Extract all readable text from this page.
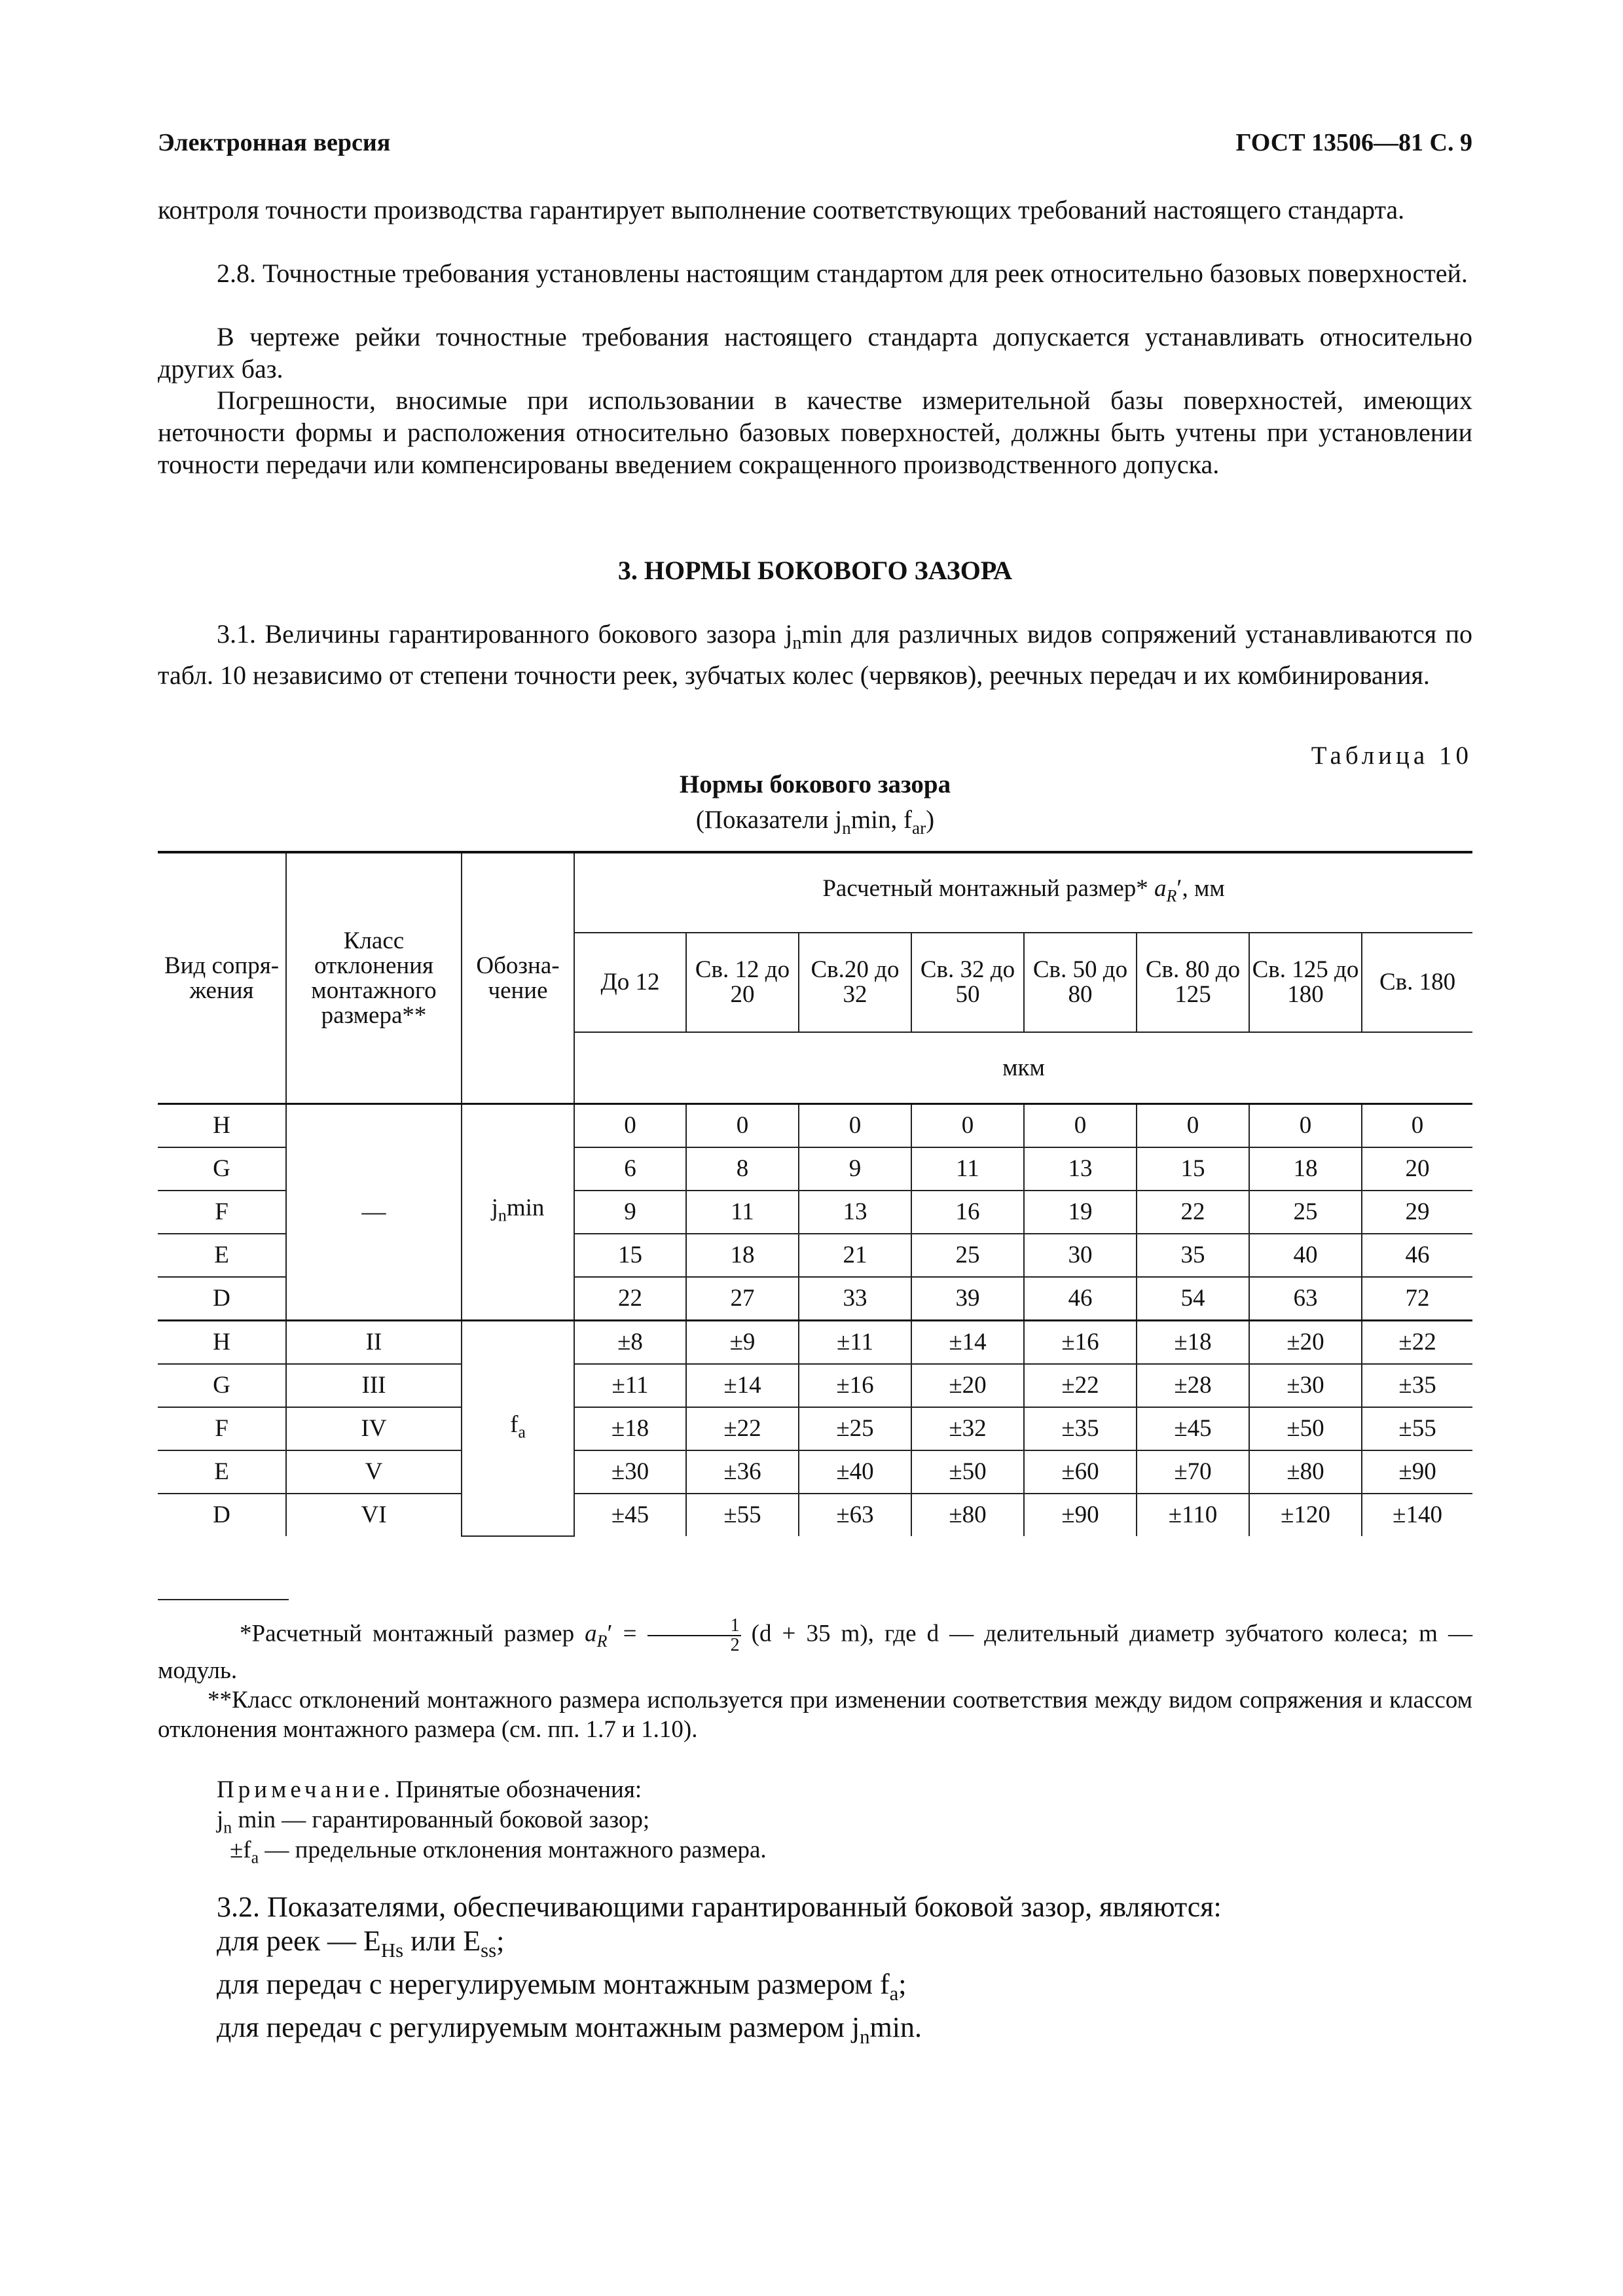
Электронная версия	ГОСТ 13506—81 С. 9

контроля точности производства гарантирует выполнение соответствующих требований настоящего стандарта.

2.8. Точностные требования установлены настоящим стандартом для реек относительно базовых поверхностей.

В чертеже рейки точностные требования настоящего стандарта допускается устанавливать относительно других баз.

Погрешности, вносимые при использовании в качестве измерительной базы поверхностей, имеющих неточности формы и расположения относительно базовых поверхностей, должны быть учтены при установлении точности передачи или компенсированы введением сокращенного производственного допуска.

3. НОРМЫ БОКОВОГО ЗАЗОРА

3.1. Величины гарантированного бокового зазора $j_n\min$ для различных видов сопряжений устанавливаются по табл. 10 независимо от степени точности реек, зубчатых колес (червяков), реечных передач и их комбинирования.

Таблица 10
Нормы бокового зазора
(Показатели $j_n\min$, $f_{ar}$)
Вид сопря-жения	Класс отклонения монтажного размера**	Обозна-чение	Расчетный монтажный размер* $a_R'$, мм							
			До 12	Св. 12 до 20	Св.20 до 32	Св. 32 до 50	Св. 50 до 80	Св. 80 до 125	Св. 125 до 180	Св. 180
			мкм							
H	—	$j_n\min$	0	0	0	0	0	0	0	0
G			6	8	9	11	13	15	18	20
F			9	11	13	16	19	22	25	29
E			15	18	21	25	30	35	40	46
D			22	27	33	39	46	54	63	72
H	II	$f_a$	±8	±9	±11	±14	±16	±18	±20	±22
G	III		±11	±14	±16	±20	±22	±28	±30	±35
F	IV		±18	±22	±25	±32	±35	±45	±50	±55
E	V		±30	±36	±40	±50	±60	±70	±80	±90
D	VI		±45	±55	±63	±80	±90	±110	±120	±140

*Расчетный монтажный размер $a_R' = \frac{1}{2} (d + 35$ m), где d — делительный диаметр зубчатого колеса; m — модуль.

**Класс отклонений монтажного размера используется при изменении соответствия между видом сопряжения и классом отклонения монтажного размера (см. пп. 1.7 и 1.10).

Примечание. Принятые обозначения:
$j_n$ min — гарантированный боковой зазор;
$\pm f_a$ — предельные отклонения монтажного размера.
3.2. Показателями, обеспечивающими гарантированный боковой зазор, являются:
для реек — $E_{Hs}$ или $E_{ss}$;
для передач с нерегулируемым монтажным размером $f_a$;
для передач с регулируемым монтажным размером $j_n\min$.
